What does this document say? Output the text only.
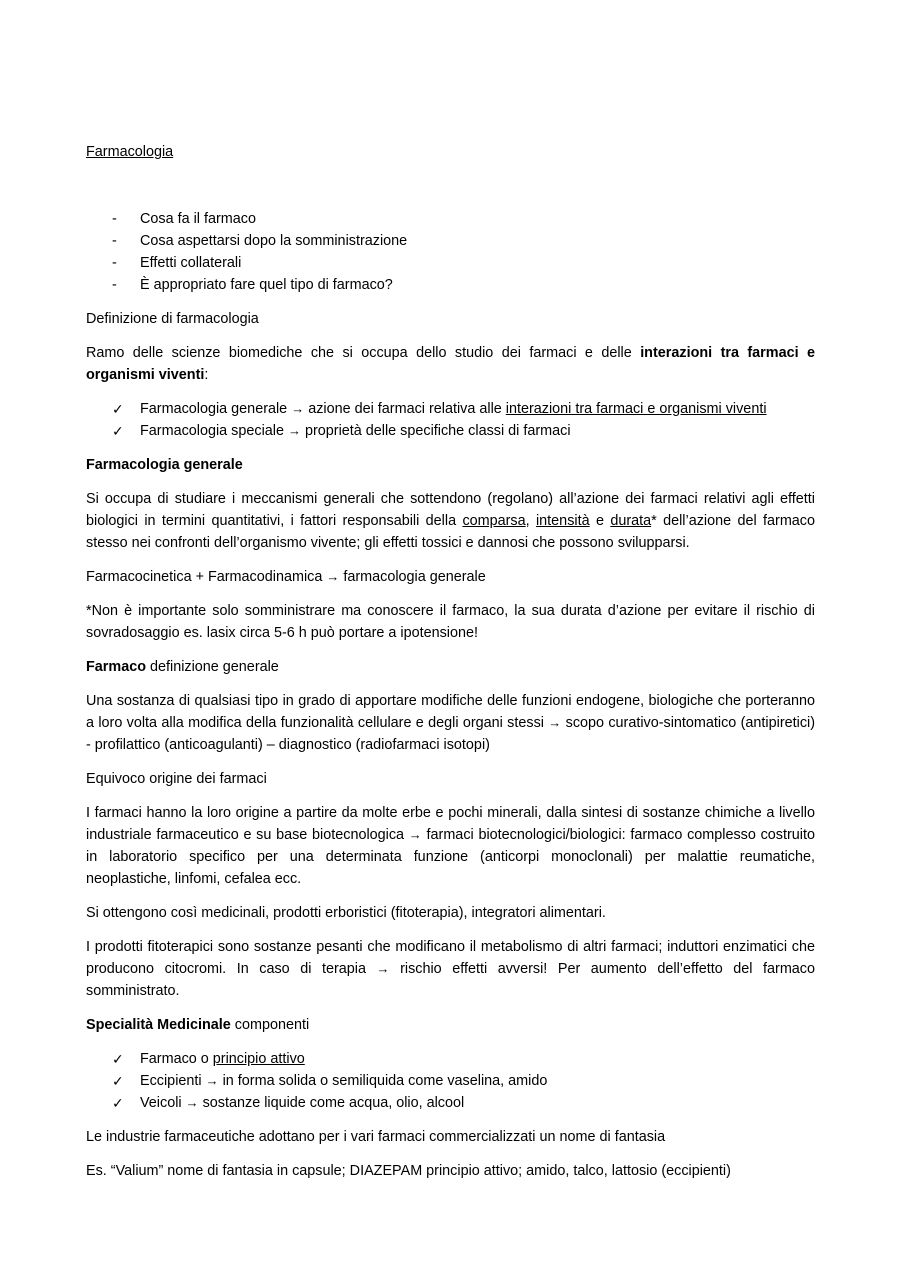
Farmacologia

- Cosa fa il farmaco
- Cosa aspettarsi dopo la somministrazione
- Effetti collaterali
- È appropriato fare quel tipo di farmaco?

Definizione di farmacologia

Ramo delle scienze biomediche che si occupa dello studio dei farmaci e delle interazioni tra farmaci e organismi viventi:

✓ Farmacologia generale → azione dei farmaci relativa alle interazioni tra farmaci e organismi viventi
✓ Farmacologia speciale → proprietà delle specifiche classi di farmaci

Farmacologia generale

Si occupa di studiare i meccanismi generali che sottendono (regolano) all’azione dei farmaci relativi agli effetti biologici in termini quantitativi, i fattori responsabili della comparsa, intensità e durata* dell’azione del farmaco stesso nei confronti dell’organismo vivente; gli effetti tossici e dannosi che possono svilupparsi.

Farmacocinetica + Farmacodinamica → farmacologia generale

*Non è importante solo somministrare ma conoscere il farmaco, la sua durata d’azione per evitare il rischio di sovradosaggio es. lasix circa 5-6 h può portare a ipotensione!

Farmaco definizione generale

Una sostanza di qualsiasi tipo in grado di apportare modifiche delle funzioni endogene, biologiche che porteranno a loro volta alla modifica della funzionalità cellulare e degli organi stessi → scopo curativo-sintomatico (antipiretici) - profilattico (anticoagulanti) – diagnostico (radiofarmaci isotopi)

Equivoco origine dei farmaci

I farmaci hanno la loro origine a partire da molte erbe e pochi minerali, dalla sintesi di sostanze chimiche a livello industriale farmaceutico e su base biotecnologica → farmaci biotecnologici/biologici: farmaco complesso costruito in laboratorio specifico per una determinata funzione (anticorpi monoclonali) per malattie reumatiche, neoplastiche, linfomi, cefalea ecc.

Si ottengono così medicinali, prodotti erboristici (fitoterapia), integratori alimentari.

I prodotti fitoterapici sono sostanze pesanti che modificano il metabolismo di altri farmaci; induttori enzimatici che producono citocromi. In caso di terapia → rischio effetti avversi! Per aumento dell’effetto del farmaco somministrato.

Specialità Medicinale componenti

✓ Farmaco o principio attivo
✓ Eccipienti → in forma solida o semiliquida come vaselina, amido
✓ Veicoli → sostanze liquide come acqua, olio, alcool

Le industrie farmaceutiche adottano per i vari farmaci commercializzati un nome di fantasia

Es. “Valium” nome di fantasia in capsule; DIAZEPAM principio attivo; amido, talco, lattosio (eccipienti)
